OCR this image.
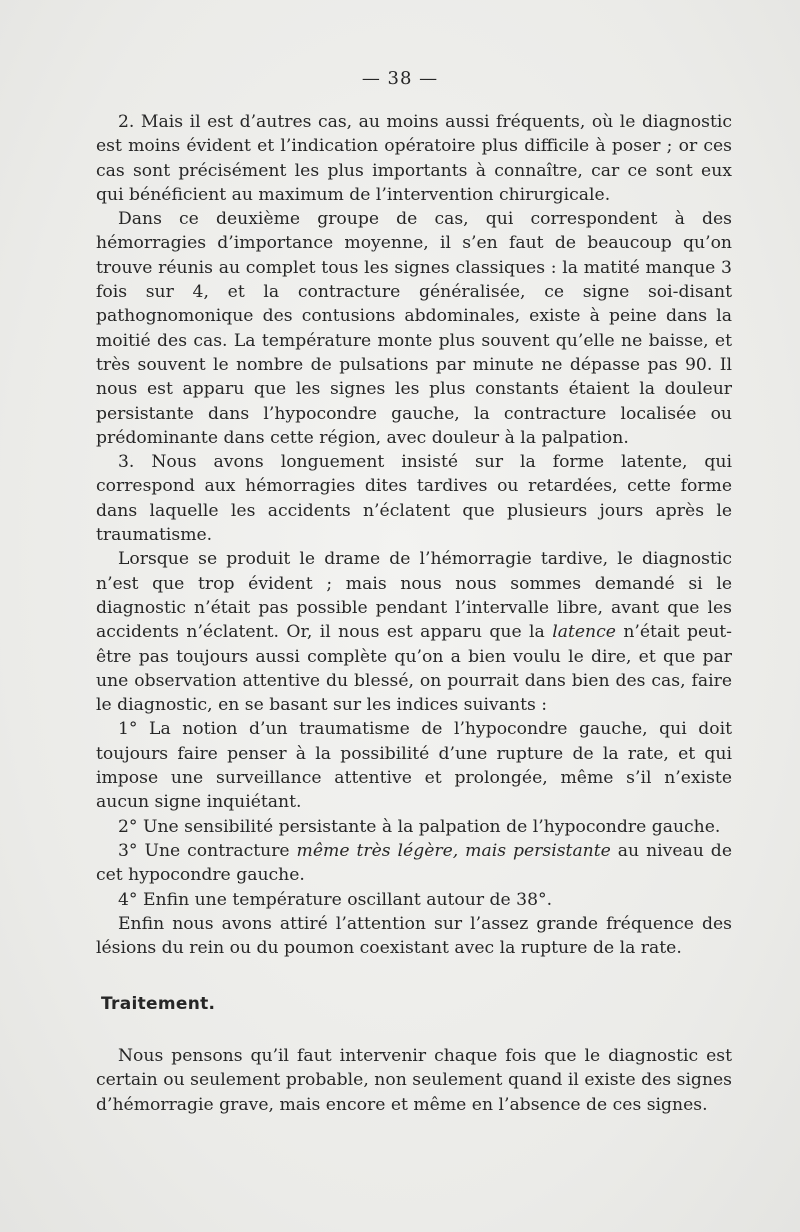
— 38 —

2. Mais il est d’autres cas, au moins aussi fréquents, où le diagnostic est moins évident et l’indication opératoire plus difficile à poser ; or ces cas sont précisément les plus importants à connaître, car ce sont eux qui bénéficient au maximum de l’intervention chirurgicale.

Dans ce deuxième groupe de cas, qui correspondent à des hémorragies d’importance moyenne, il s’en faut de beaucoup qu’on trouve réunis au complet tous les signes classiques : la matité manque 3 fois sur 4, et la contracture généralisée, ce signe soi-disant pathognomonique des contusions abdominales, existe à peine dans la moitié des cas. La température monte plus souvent qu’elle ne baisse, et très souvent le nombre de pulsations par minute ne dépasse pas 90. Il nous est apparu que les signes les plus constants étaient la douleur persistante dans l’hypocondre gauche, la contracture localisée ou prédominante dans cette région, avec douleur à la palpation.

3. Nous avons longuement insisté sur la forme latente, qui correspond aux hémorragies dites tardives ou retardées, cette forme dans laquelle les accidents n’éclatent que plusieurs jours après le traumatisme.

Lorsque se produit le drame de l’hémorragie tardive, le diagnostic n’est que trop évident ; mais nous nous sommes demandé si le diagnostic n’était pas possible pendant l’intervalle libre, avant que les accidents n’éclatent. Or, il nous est apparu que la latence n’était peut-être pas toujours aussi complète qu’on a bien voulu le dire, et que par une observation attentive du blessé, on pourrait dans bien des cas, faire le diagnostic, en se basant sur les indices suivants :

1° La notion d’un traumatisme de l’hypocondre gauche, qui doit toujours faire penser à la possibilité d’une rupture de la rate, et qui impose une surveillance attentive et prolongée, même s’il n’existe aucun signe inquiétant.

2° Une sensibilité persistante à la palpation de l’hypocondre gauche.

3° Une contracture même très légère, mais persistante au niveau de cet hypocondre gauche.

4° Enfin une température oscillant autour de 38°.

Enfin nous avons attiré l’attention sur l’assez grande fréquence des lésions du rein ou du poumon coexistant avec la rupture de la rate.

Traitement.

Nous pensons qu’il faut intervenir chaque fois que le diagnostic est certain ou seulement probable, non seulement quand il existe des signes d’hémorragie grave, mais encore et même en l’absence de ces signes.
